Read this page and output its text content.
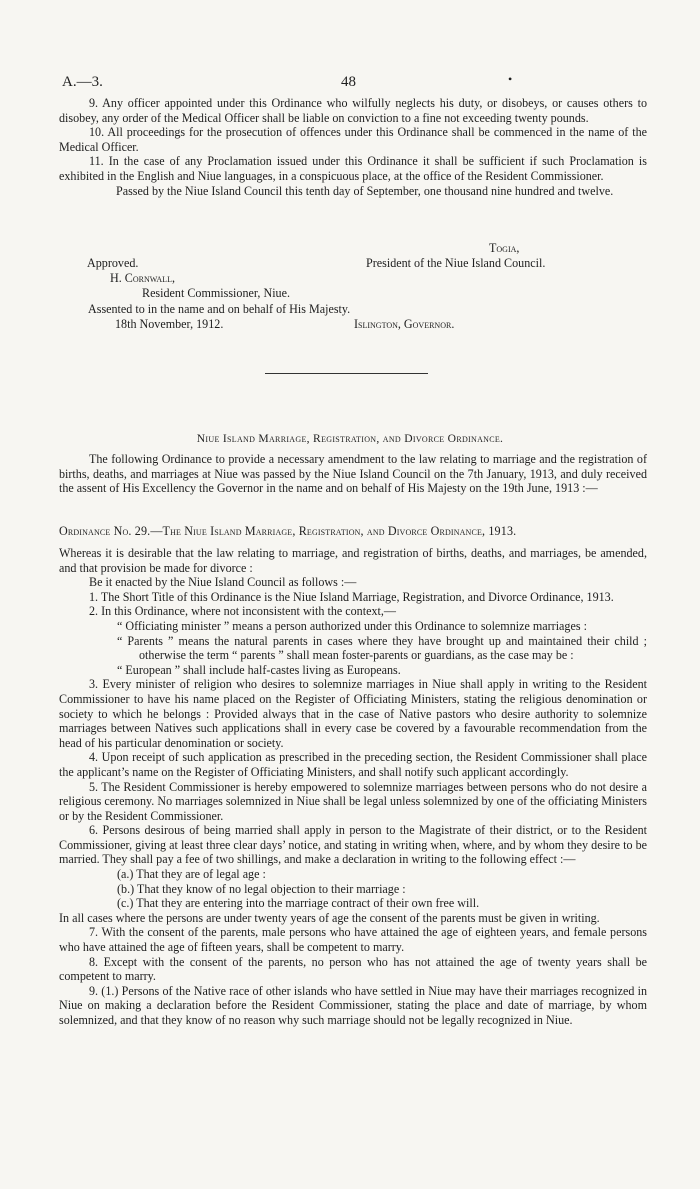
A.—3.	48	•
9. Any officer appointed under this Ordinance who wilfully neglects his duty, or disobeys, or causes others to disobey, any order of the Medical Officer shall be liable on conviction to a fine not exceeding twenty pounds.
10. All proceedings for the prosecution of offences under this Ordinance shall be commenced in the name of the Medical Officer.
11. In the case of any Proclamation issued under this Ordinance it shall be sufficient if such Proclamation is exhibited in the English and Niue languages, in a conspicuous place, at the office of the Resident Commissioner.
Passed by the Niue Island Council this tenth day of September, one thousand nine hundred and twelve.
Togia,
President of the Niue Island Council.
Approved.
H. Cornwall,
Resident Commissioner, Niue.
Assented to in the name and on behalf of His Majesty.
18th November, 1912.	Islington, Governor.
Niue Island Marriage, Registration, and Divorce Ordinance.
The following Ordinance to provide a necessary amendment to the law relating to marriage and the registration of births, deaths, and marriages at Niue was passed by the Niue Island Council on the 7th January, 1913, and duly received the assent of His Excellency the Governor in the name and on behalf of His Majesty on the 19th June, 1913 :—
Ordinance No. 29.—The Niue Island Marriage, Registration, and Divorce Ordinance, 1913.
Whereas it is desirable that the law relating to marriage, and registration of births, deaths, and marriages, be amended, and that provision be made for divorce :
Be it enacted by the Niue Island Council as follows :—
1. The Short Title of this Ordinance is the Niue Island Marriage, Registration, and Divorce Ordinance, 1913.
2. In this Ordinance, where not inconsistent with the context,—
“ Officiating minister ” means a person authorized under this Ordinance to solemnize marriages :
“ Parents ” means the natural parents in cases where they have brought up and maintained their child ; otherwise the term “ parents ” shall mean foster-parents or guardians, as the case may be :
“ European ” shall include half-castes living as Europeans.
3. Every minister of religion who desires to solemnize marriages in Niue shall apply in writing to the Resident Commissioner to have his name placed on the Register of Officiating Ministers, stating the religious denomination or society to which he belongs : Provided always that in the case of Native pastors who desire authority to solemnize marriages between Natives such applications shall in every case be covered by a favourable recommendation from the head of his particular denomination or society.
4. Upon receipt of such application as prescribed in the preceding section, the Resident Commissioner shall place the applicant’s name on the Register of Officiating Ministers, and shall notify such applicant accordingly.
5. The Resident Commissioner is hereby empowered to solemnize marriages between persons who do not desire a religious ceremony. No marriages solemnized in Niue shall be legal unless solemnized by one of the officiating Ministers or by the Resident Commissioner.
6. Persons desirous of being married shall apply in person to the Magistrate of their district, or to the Resident Commissioner, giving at least three clear days’ notice, and stating in writing when, where, and by whom they desire to be married. They shall pay a fee of two shillings, and make a declaration in writing to the following effect :—
(a.) That they are of legal age :
(b.) That they know of no legal objection to their marriage :
(c.) That they are entering into the marriage contract of their own free will.
In all cases where the persons are under twenty years of age the consent of the parents must be given in writing.
7. With the consent of the parents, male persons who have attained the age of eighteen years, and female persons who have attained the age of fifteen years, shall be competent to marry.
8. Except with the consent of the parents, no person who has not attained the age of twenty years shall be competent to marry.
9. (1.) Persons of the Native race of other islands who have settled in Niue may have their marriages recognized in Niue on making a declaration before the Resident Commissioner, stating the place and date of marriage, by whom solemnized, and that they know of no reason why such marriage should not be legally recognized in Niue.
